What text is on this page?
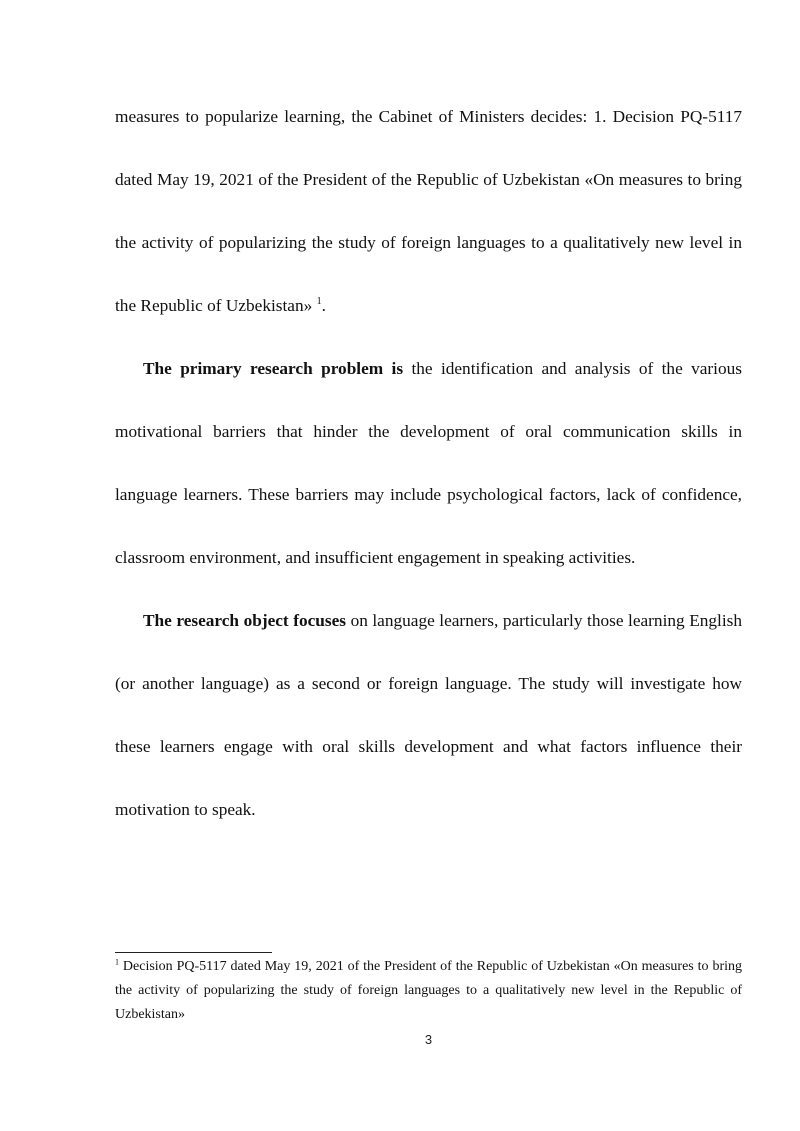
measures to popularize learning, the Cabinet of Ministers decides: 1. Decision PQ-5117 dated May 19, 2021 of the President of the Republic of Uzbekistan «On measures to bring the activity of popularizing the study of foreign languages to a qualitatively new level in the Republic of Uzbekistan» $^1$.

The primary research problem is the identification and analysis of the various motivational barriers that hinder the development of oral communication skills in language learners. These barriers may include psychological factors, lack of confidence, classroom environment, and insufficient engagement in speaking activities.

The research object focuses on language learners, particularly those learning English (or another language) as a second or foreign language. The study will investigate how these learners engage with oral skills development and what factors influence their motivation to speak.

$^1$ Decision PQ-5117 dated May 19, 2021 of the President of the Republic of Uzbekistan «On measures to bring the activity of popularizing the study of foreign languages to a qualitatively new level in the Republic of Uzbekistan»

3
